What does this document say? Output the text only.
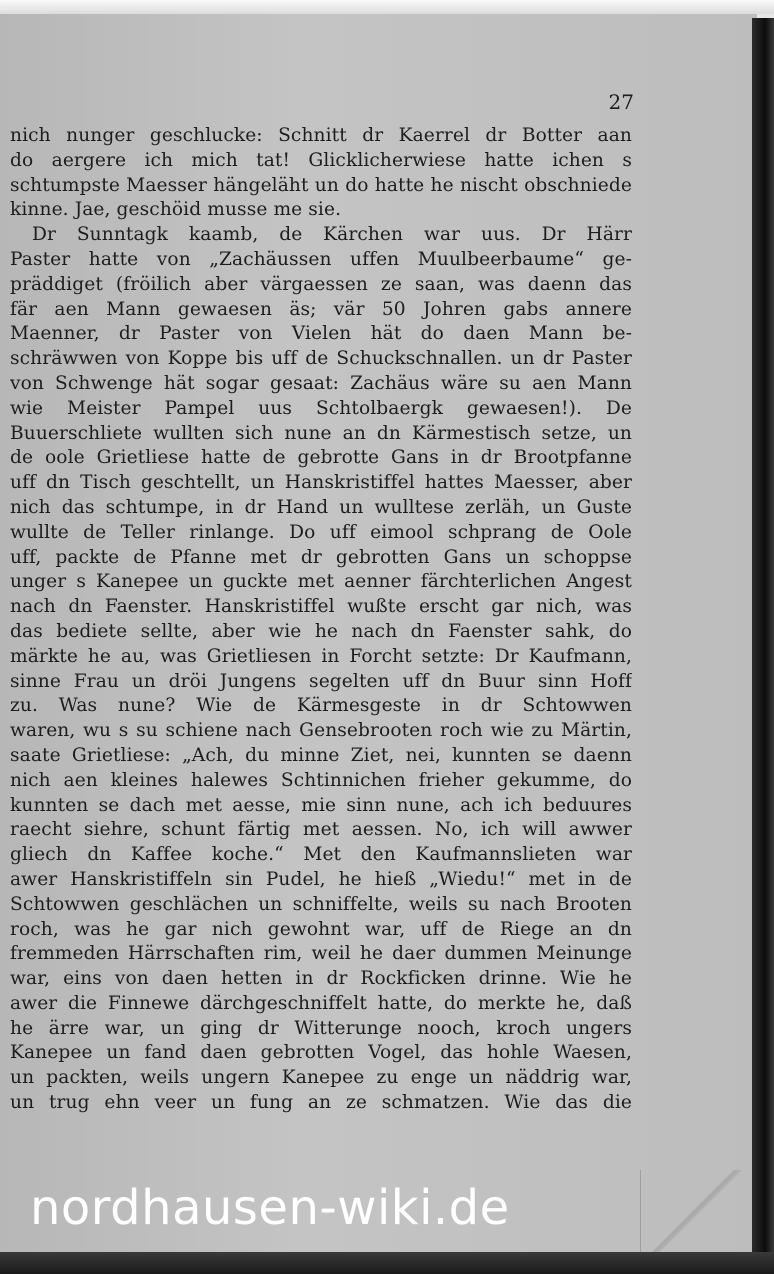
27
nich nunger geschlucke: Schnitt dr Kaerrel dr Botter aan
do aergere ich mich tat! Glicklicherwiese hatte ichen s
schtumpste Maesser hängeläht un do hatte he nischt obschniede
kinne. Jae, geschöid musse me sie.
Dr Sunntagk kaamb, de Kärchen war uus. Dr Härr
Paster hatte von „Zachäussen uffen Muulbeerbaume“ ge-
präddiget (fröilich aber värgaessen ze saan, was daenn das
fär aen Mann gewaesen äs; vär 50 Johren gabs annere
Maenner, dr Paster von Vielen hät do daen Mann be-
schräwwen von Koppe bis uff de Schuckschnallen. un dr Paster
von Schwenge hät sogar gesaat: Zachäus wäre su aen Mann
wie Meister Pampel uus Schtolbaergk gewaesen!). De
Buuerschliete wullten sich nune an dn Kärmestisch setze, un
de oole Grietliese hatte de gebrotte Gans in dr Brootpfanne
uff dn Tisch geschtellt, un Hanskristiffel hattes Maesser, aber
nich das schtumpe, in dr Hand un wulltese zerläh, un Guste
wullte de Teller rinlange. Do uff eimool schprang de Oole
uff, packte de Pfanne met dr gebrotten Gans un schoppse
unger s Kanepee un guckte met aenner färchterlichen Angest
nach dn Faenster. Hanskristiffel wußte erscht gar nich, was
das bediete sellte, aber wie he nach dn Faenster sahk, do
märkte he au, was Grietliesen in Forcht setzte: Dr Kaufmann,
sinne Frau un dröi Jungens segelten uff dn Buur sinn Hoff
zu. Was nune? Wie de Kärmesgeste in dr Schtowwen
waren, wu s su schiene nach Gensebrooten roch wie zu Märtin,
saate Grietliese: „Ach, du minne Ziet, nei, kunnten se daenn
nich aen kleines halewes Schtinnichen frieher gekumme, do
kunnten se dach met aesse, mie sinn nune, ach ich beduures
raecht siehre, schunt färtig met aessen. No, ich will awwer
gliech dn Kaffee koche.“ Met den Kaufmannslieten war
awer Hanskristiffeln sin Pudel, he hieß „Wiedu!“ met in de
Schtowwen geschlächen un schniffelte, weils su nach Brooten
roch, was he gar nich gewohnt war, uff de Riege an dn
fremmeden Härrschaften rim, weil he daer dummen Meinunge
war, eins von daen hetten in dr Rockficken drinne. Wie he
awer die Finnewe därchgeschniffelt hatte, do merkte he, daß
he ärre war, un ging dr Witterunge nooch, kroch ungers
Kanepee un fand daen gebrotten Vogel, das hohle Waesen,
un packten, weils ungern Kanepee zu enge un näddrig war,
un trug ehn veer un fung an ze schmatzen. Wie das die
nordhausen-wiki.de
